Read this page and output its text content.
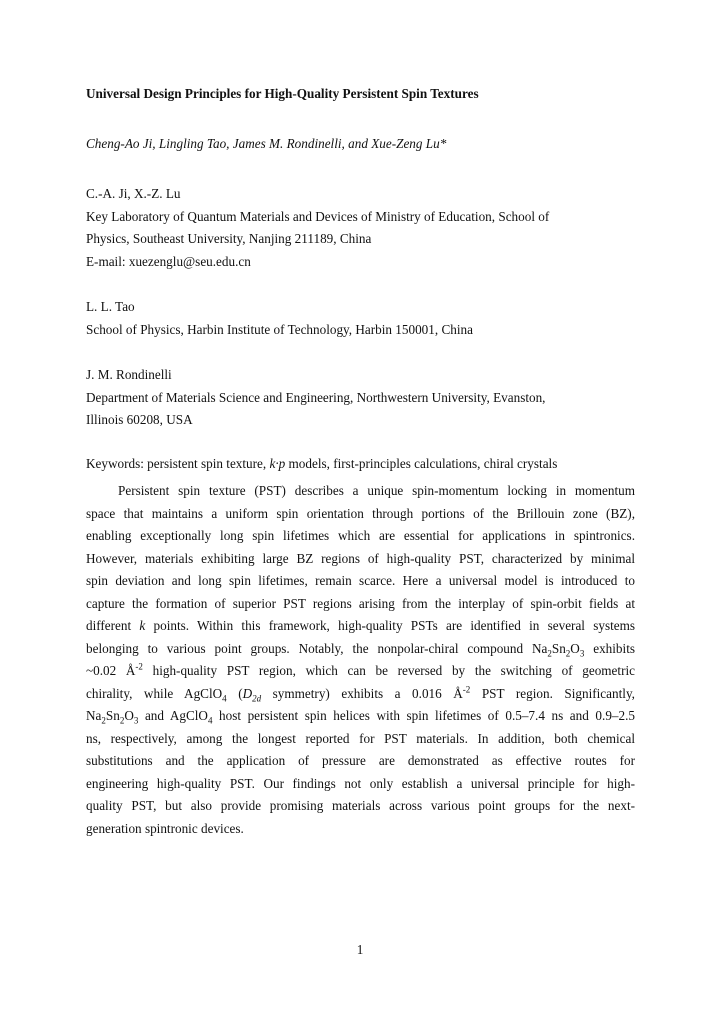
Universal Design Principles for High-Quality Persistent Spin Textures
Cheng-Ao Ji, Lingling Tao, James M. Rondinelli, and Xue-Zeng Lu*
C.-A. Ji, X.-Z. Lu
Key Laboratory of Quantum Materials and Devices of Ministry of Education, School of
Physics, Southeast University, Nanjing 211189, China
E-mail: xuezenglu@seu.edu.cn
L. L. Tao
School of Physics, Harbin Institute of Technology, Harbin 150001, China
J. M. Rondinelli
Department of Materials Science and Engineering, Northwestern University, Evanston,
Illinois 60208, USA
Keywords: persistent spin texture, k·p models, first-principles calculations, chiral crystals
Persistent spin texture (PST) describes a unique spin-momentum locking in momentum
space that maintains a uniform spin orientation through portions of the Brillouin zone (BZ),
enabling exceptionally long spin lifetimes which are essential for applications in spintronics.
However, materials exhibiting large BZ regions of high-quality PST, characterized by minimal
spin deviation and long spin lifetimes, remain scarce. Here a universal model is introduced to
capture the formation of superior PST regions arising from the interplay of spin-orbit fields at
different k points. Within this framework, high-quality PSTs are identified in several systems
belonging to various point groups. Notably, the nonpolar-chiral compound $Na_2Sn_2O_3$ exhibits
~0.02 $Å^{-2}$ high-quality PST region, which can be reversed by the switching of geometric
chirality, while AgClO$_4$ ($D_{2d}$ symmetry) exhibits a 0.016 $Å^{-2}$ PST region. Significantly,
$Na_2Sn_2O_3$ and AgClO$_4$ host persistent spin helices with spin lifetimes of 0.5–7.4 ns and 0.9–2.5
ns, respectively, among the longest reported for PST materials. In addition, both chemical
substitutions and the application of pressure are demonstrated as effective routes for
engineering high-quality PST. Our findings not only establish a universal principle for high-
quality PST, but also provide promising materials across various point groups for the next-
generation spintronic devices.
1
